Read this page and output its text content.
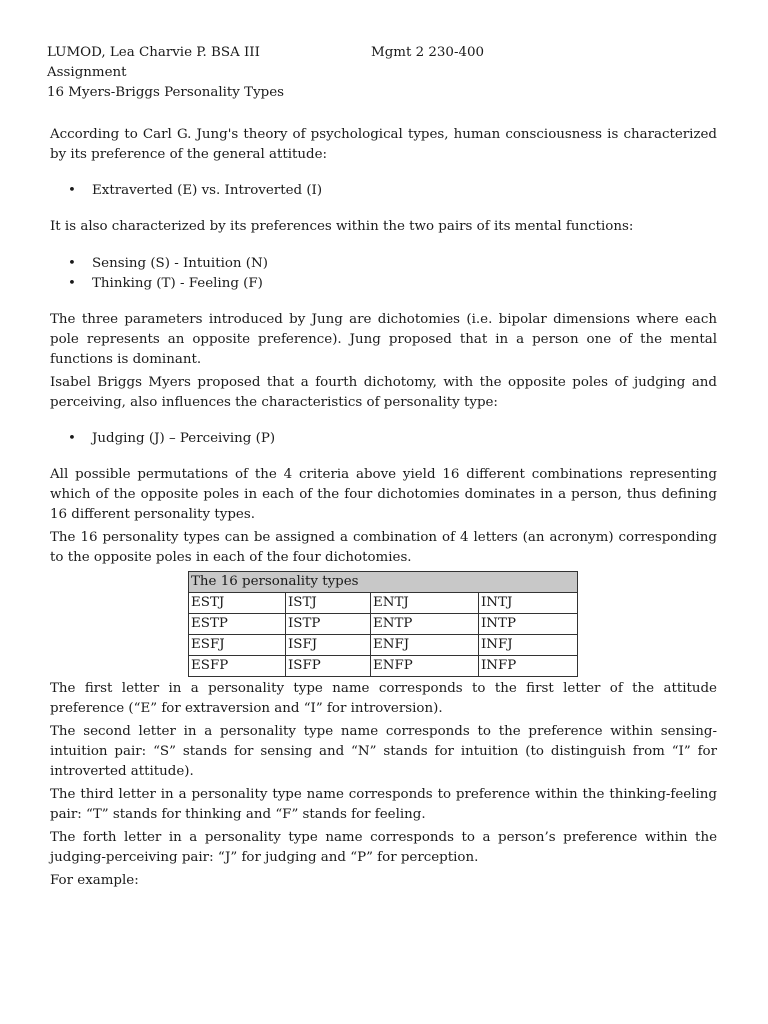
LUMOD, Lea Charvie P. BSA III	Mgmt 2 230-400
Assignment
16 Myers-Briggs Personality Types

According to Carl G. Jung's theory of psychological types, human consciousness is characterized by its preference of the general attitude:

• Extraverted (E) vs. Introverted (I)

It is also characterized by its preferences within the two pairs of its mental functions:

• Sensing (S) - Intuition (N)
• Thinking (T) - Feeling (F)

The three parameters introduced by Jung are dichotomies (i.e. bipolar dimensions where each pole represents an opposite preference). Jung proposed that in a person one of the mental functions is dominant.

Isabel Briggs Myers proposed that a fourth dichotomy, with the opposite poles of judging and perceiving, also influences the characteristics of personality type:

• Judging (J) – Perceiving (P)

All possible permutations of the 4 criteria above yield 16 different combinations representing which of the opposite poles in each of the four dichotomies dominates in a person, thus defining 16 different personality types.

The 16 personality types can be assigned a combination of 4 letters (an acronym) corresponding to the opposite poles in each of the four dichotomies.

The 16 personality types			
ESTJ	ISTJ	ENTJ	INTJ
ESTP	ISTP	ENTP	INTP
ESFJ	ISFJ	ENFJ	INFJ
ESFP	ISFP	ENFP	INFP

The first letter in a personality type name corresponds to the first letter of the attitude preference (“E” for extraversion and “I” for introversion).

The second letter in a personality type name corresponds to the preference within sensing-intuition pair: “S” stands for sensing and “N” stands for intuition (to distinguish from “I” for introverted attitude).

The third letter in a personality type name corresponds to preference within the thinking-feeling pair: “T” stands for thinking and “F” stands for feeling.

The forth letter in a personality type name corresponds to a person’s preference within the judging-perceiving pair: “J” for judging and “P” for perception.

For example:
